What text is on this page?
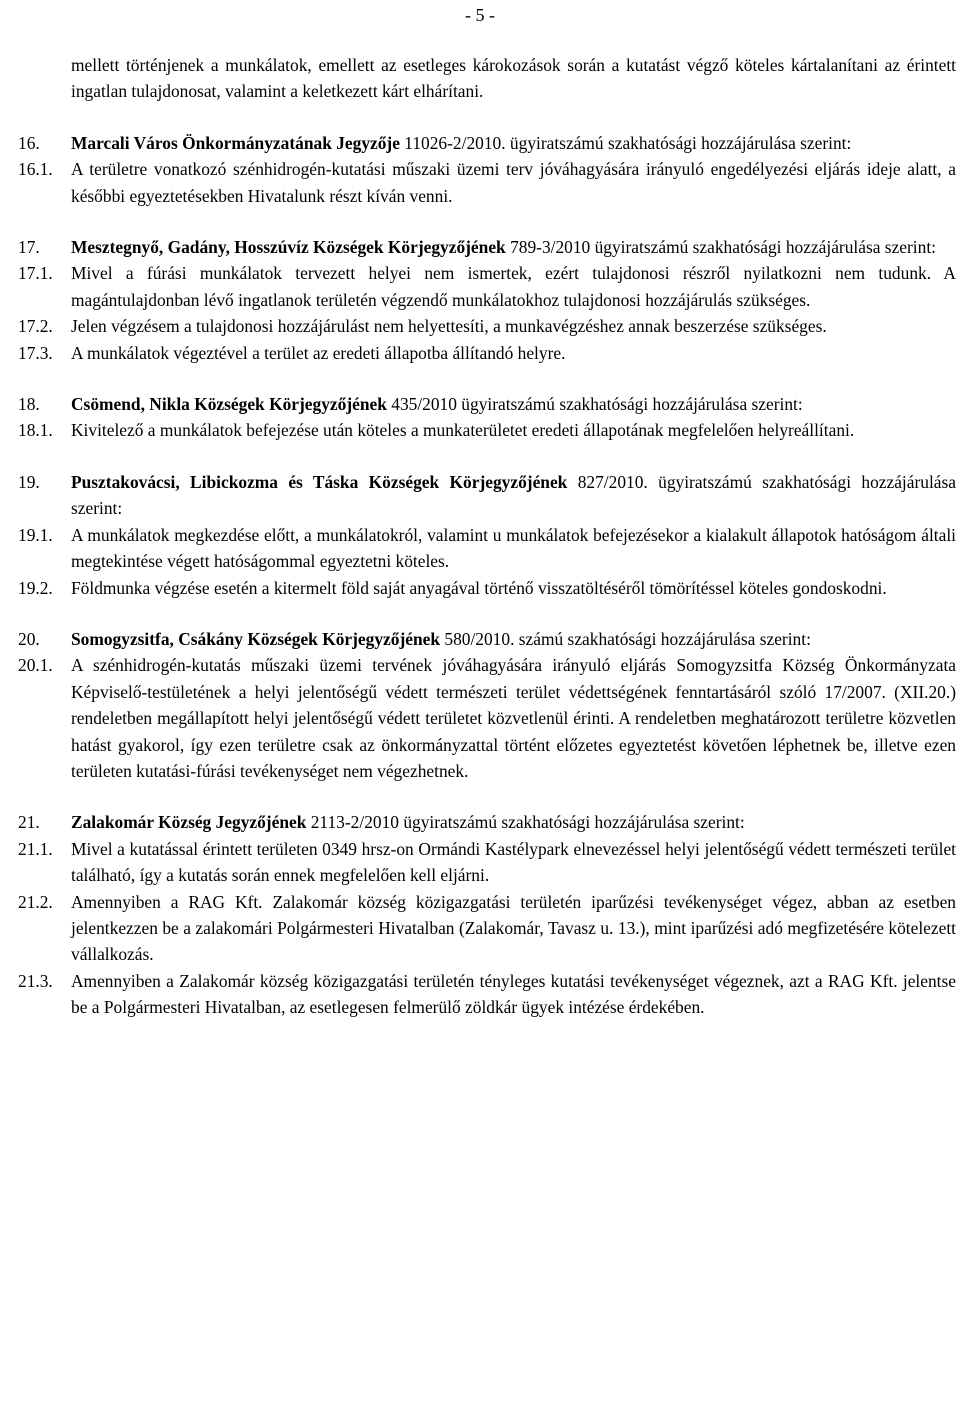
- 5 -
mellett történjenek a munkálatok, emellett az esetleges károkozások során a kutatást végző köteles kártalanítani az érintett ingatlan tulajdonosat, valamint a keletkezett kárt elhárítani.
16. Marcali Város Önkormányzatának Jegyzője 11026-2/2010. ügyiratszámú szakhatósági hozzájárulása szerint:
16.1. A területre vonatkozó szénhidrogén-kutatási műszaki üzemi terv jóváhagyására irányuló engedélyezési eljárás ideje alatt, a későbbi egyeztetésekben Hivatalunk részt kíván venni.
17. Mesztegnyő, Gadány, Hosszúvíz Községek Körjegyzőjének 789-3/2010 ügyiratszámú szakhatósági hozzájárulása szerint:
17.1. Mivel a fúrási munkálatok tervezett helyei nem ismertek, ezért tulajdonosi részről nyilatkozni nem tudunk. A magántulajdonban lévő ingatlanok területén végzendő munkálatokhoz tulajdonosi hozzájárulás szükséges.
17.2. Jelen végzésem a tulajdonosi hozzájárulást nem helyettesíti, a munkavégzéshez annak beszerzése szükséges.
17.3. A munkálatok végeztével a terület az eredeti állapotba állítandó helyre.
18. Csömend, Nikla Községek Körjegyzőjének 435/2010 ügyiratszámú szakhatósági hozzájárulása szerint:
18.1. Kivitelező a munkálatok befejezése után köteles a munkaterületet eredeti állapotának megfelelően helyreállítani.
19. Pusztakovácsi, Libickozma és Táska Községek Körjegyzőjének 827/2010. ügyiratszámú szakhatósági hozzájárulása szerint:
19.1. A munkálatok megkezdése előtt, a munkálatokról, valamint u munkálatok befejezésekor a kialakult állapotok hatóságom általi megtekintése végett hatóságommal egyeztetni köteles.
19.2. Földmunka végzése esetén a kitermelt föld saját anyagával történő visszatöltéséről tömörítéssel köteles gondoskodni.
20. Somogyzsitfa, Csákány Községek Körjegyzőjének 580/2010. számú szakhatósági hozzájárulása szerint:
20.1. A szénhidrogén-kutatás műszaki üzemi tervének jóváhagyására irányuló eljárás Somogyzsitfa Község Önkormányzata Képviselő-testületének a helyi jelentőségű védett természeti terület védettségének fenntartásáról szóló 17/2007. (XII.20.) rendeletben megállapított helyi jelentőségű védett területet közvetlenül érinti. A rendeletben meghatározott területre közvetlen hatást gyakorol, így ezen területre csak az önkormányzattal történt előzetes egyeztetést követően léphetnek be, illetve ezen területen kutatási-fúrási tevékenységet nem végezhetnek.
21. Zalakomár Község Jegyzőjének 2113-2/2010 ügyiratszámú szakhatósági hozzájárulása szerint:
21.1. Mivel a kutatással érintett területen 0349 hrsz-on Ormándi Kastélypark elnevezéssel helyi jelentőségű védett természeti terület található, így a kutatás során ennek megfelelően kell eljárni.
21.2. Amennyiben a RAG Kft. Zalakomár község közigazgatási területén iparűzési tevékenységet végez, abban az esetben jelentkezzen be a zalakomári Polgármesteri Hivatalban (Zalakomár, Tavasz u. 13.), mint iparűzési adó megfizetésére kötelezett vállalkozás.
21.3. Amennyiben a Zalakomár község közigazgatási területén tényleges kutatási tevékenységet végeznek, azt a RAG Kft. jelentse be a Polgármesteri Hivatalban, az esetlegesen felmerülő zöldkár ügyek intézése érdekében.
